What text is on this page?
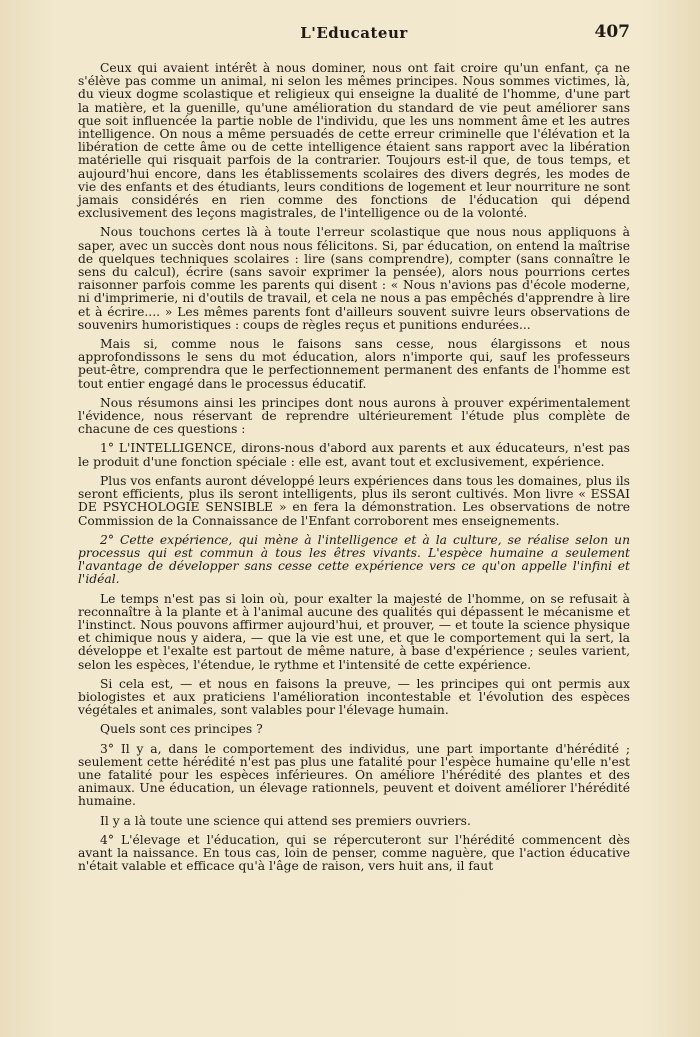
L'Educateur	407

Ceux qui avaient intérêt à nous dominer, nous ont fait croire qu'un enfant, ça ne s'élève pas comme un animal, ni selon les mêmes principes. Nous sommes victimes, là, du vieux dogme scolastique et religieux qui enseigne la dualité de l'homme, d'une part la matière, et la guenille, qu'une amélioration du standard de vie peut améliorer sans que soit influencée la partie noble de l'individu, que les uns nomment âme et les autres intelligence. On nous a même persuadés de cette erreur criminelle que l'élévation et la libération de cette âme ou de cette intelligence étaient sans rapport avec la libération matérielle qui risquait parfois de la contrarier. Toujours est-il que, de tous temps, et aujourd'hui encore, dans les établissements scolaires des divers degrés, les modes de vie des enfants et des étudiants, leurs conditions de logement et leur nourriture ne sont jamais considérés en rien comme des fonctions de l'éducation qui dépend exclusivement des leçons magistrales, de l'intelligence ou de la volonté.

Nous touchons certes là à toute l'erreur scolastique que nous nous appliquons à saper, avec un succès dont nous nous félicitons. Si, par éducation, on entend la maîtrise de quelques techniques scolaires : lire (sans comprendre), compter (sans connaître le sens du calcul), écrire (sans savoir exprimer la pensée), alors nous pourrions certes raisonner parfois comme les parents qui disent : « Nous n'avions pas d'école moderne, ni d'imprimerie, ni d'outils de travail, et cela ne nous a pas empêchés d'apprendre à lire et à écrire.... » Les mêmes parents font d'ailleurs souvent suivre leurs observations de souvenirs humoristiques : coups de règles reçus et punitions endurées...

Mais si, comme nous le faisons sans cesse, nous élargissons et nous approfondissons le sens du mot éducation, alors n'importe qui, sauf les professeurs peut-être, comprendra que le perfectionnement permanent des enfants de l'homme est tout entier engagé dans le processus éducatif.

Nous résumons ainsi les principes dont nous aurons à prouver expérimentalement l'évidence, nous réservant de reprendre ultérieurement l'étude plus complète de chacune de ces questions :

1° L'INTELLIGENCE, dirons-nous d'abord aux parents et aux éducateurs, n'est pas le produit d'une fonction spéciale : elle est, avant tout et exclusivement, expérience.

Plus vos enfants auront développé leurs expériences dans tous les domaines, plus ils seront efficients, plus ils seront intelligents, plus ils seront cultivés. Mon livre « ESSAI DE PSYCHOLOGIE SENSIBLE » en fera la démonstration. Les observations de notre Commission de la Connaissance de l'Enfant corroborent mes enseignements.

2° Cette expérience, qui mène à l'intelligence et à la culture, se réalise selon un processus qui est commun à tous les êtres vivants. L'espèce humaine a seulement l'avantage de développer sans cesse cette expérience vers ce qu'on appelle l'infini et l'idéal.

Le temps n'est pas si loin où, pour exalter la majesté de l'homme, on se refusait à reconnaître à la plante et à l'animal aucune des qualités qui dépassent le mécanisme et l'instinct. Nous pouvons affirmer aujourd'hui, et prouver, — et toute la science physique et chimique nous y aidera, — que la vie est une, et que le comportement qui la sert, la développe et l'exalte est partout de même nature, à base d'expérience ; seules varient, selon les espèces, l'étendue, le rythme et l'intensité de cette expérience.

Si cela est, — et nous en faisons la preuve, — les principes qui ont permis aux biologistes et aux praticiens l'amélioration incontestable et l'évolution des espèces végétales et animales, sont valables pour l'élevage humain.

Quels sont ces principes ?

3° Il y a, dans le comportement des individus, une part importante d'hérédité ; seulement cette hérédité n'est pas plus une fatalité pour l'espèce humaine qu'elle n'est une fatalité pour les espèces inférieures. On améliore l'hérédité des plantes et des animaux. Une éducation, un élevage rationnels, peuvent et doivent améliorer l'hérédité humaine.

Il y a là toute une science qui attend ses premiers ouvriers.

4° L'élevage et l'éducation, qui se répercuteront sur l'hérédité commencent dès avant la naissance. En tous cas, loin de penser, comme naguère, que l'action éducative n'était valable et efficace qu'à l'âge de raison, vers huit ans, il faut
